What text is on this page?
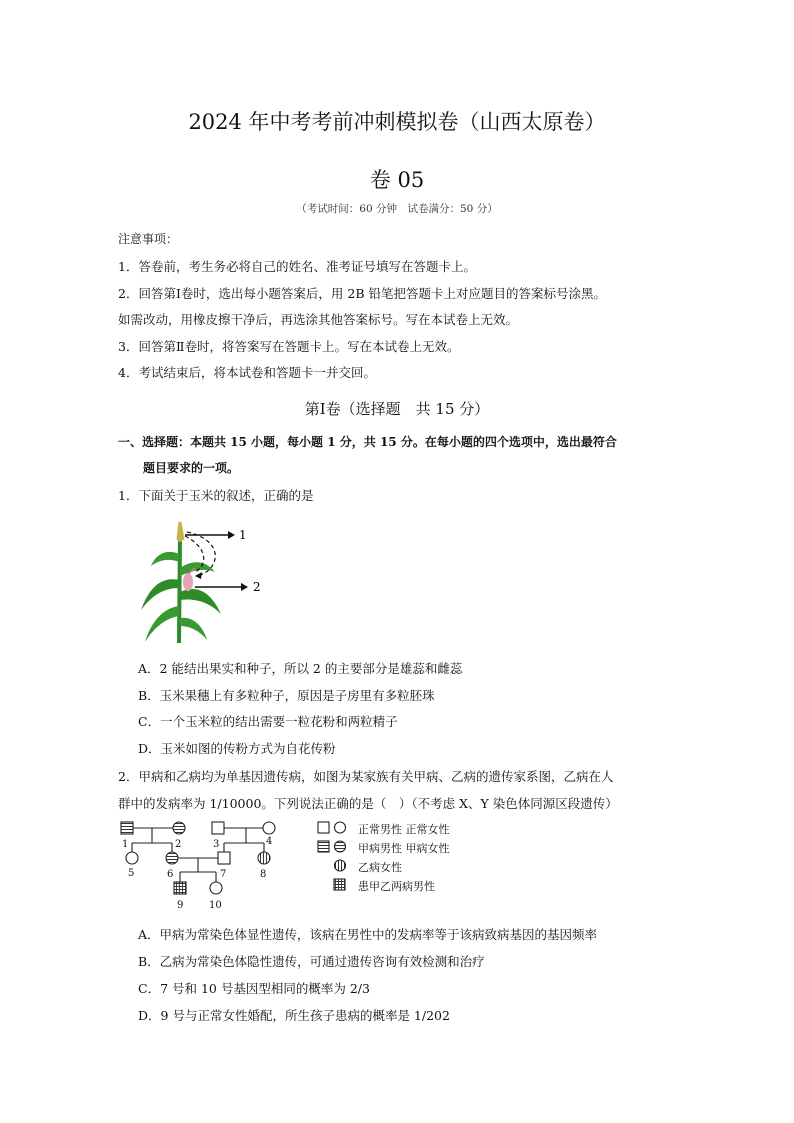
2024 年中考考前冲刺模拟卷（山西太原卷）
卷 05
（考试时间：60 分钟　试卷满分：50 分）
注意事项：
1．答卷前，考生务必将自己的姓名、准考证号填写在答题卡上。
2．回答第Ⅰ卷时，选出每小题答案后，用 2B 铅笔把答题卡上对应题目的答案标号涂黑。
如需改动，用橡皮擦干净后，再选涂其他答案标号。写在本试卷上无效。
3．回答第Ⅱ卷时，将答案写在答题卡上。写在本试卷上无效。
4．考试结束后，将本试卷和答题卡一并交回。
第Ⅰ卷（选择题　共 15 分）
一、选择题：本题共 15 小题，每小题 1 分，共 15 分。在每小题的四个选项中，选出最符合
题目要求的一项。
1．下面关于玉米的叙述，正确的是
1
2
A．2 能结出果实和种子，所以 2 的主要部分是雄蕊和雌蕊
B．玉米果穗上有多粒种子，原因是子房里有多粒胚珠
C．一个玉米粒的结出需要一粒花粉和两粒精子
D．玉米如图的传粉方式为自花传粉
2．甲病和乙病均为单基因遗传病，如图为某家族有关甲病、乙病的遗传家系图，乙病在人
群中的发病率为 1/10000。下列说法正确的是（　）（不考虑 X、Y 染色体同源区段遗传）
1	2	3	4
5	6	7	8
9	10
正常男性 正常女性
甲病男性 甲病女性
乙病女性
患甲乙两病男性
A．甲病为常染色体显性遗传，该病在男性中的发病率等于该病致病基因的基因频率
B．乙病为常染色体隐性遗传，可通过遗传咨询有效检测和治疗
C．7 号和 10 号基因型相同的概率为 2/3
D．9 号与正常女性婚配，所生孩子患病的概率是 1/202
